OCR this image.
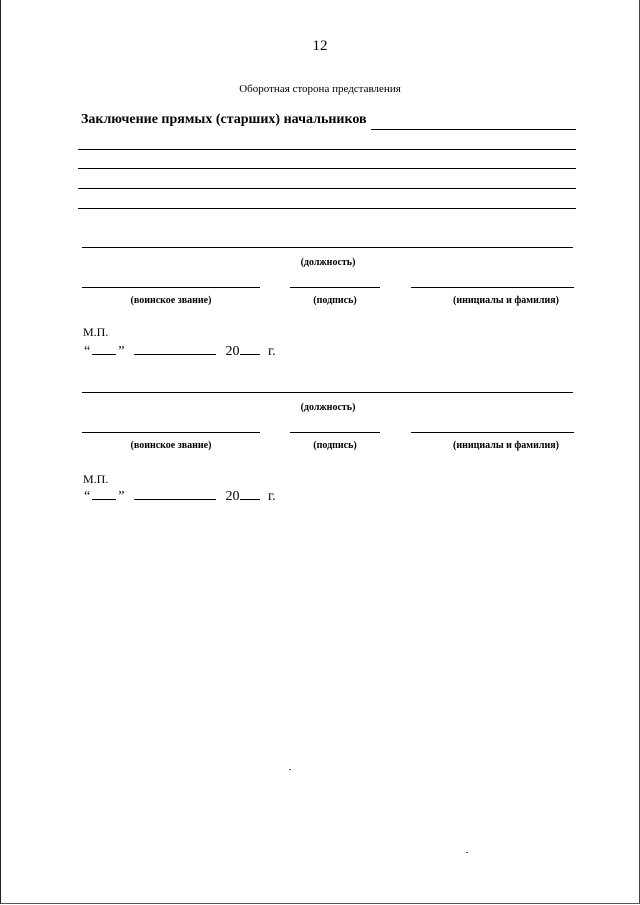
12
Оборотная сторона представления
Заключение прямых (старших) начальников
(должность)
(воинское звание)	(подпись)	(инициалы и фамилия)
М.П.
“ ”	20 г.
(должность)
(воинское звание)	(подпись)	(инициалы и фамилия)
М.П.
“ ”	20 г.
